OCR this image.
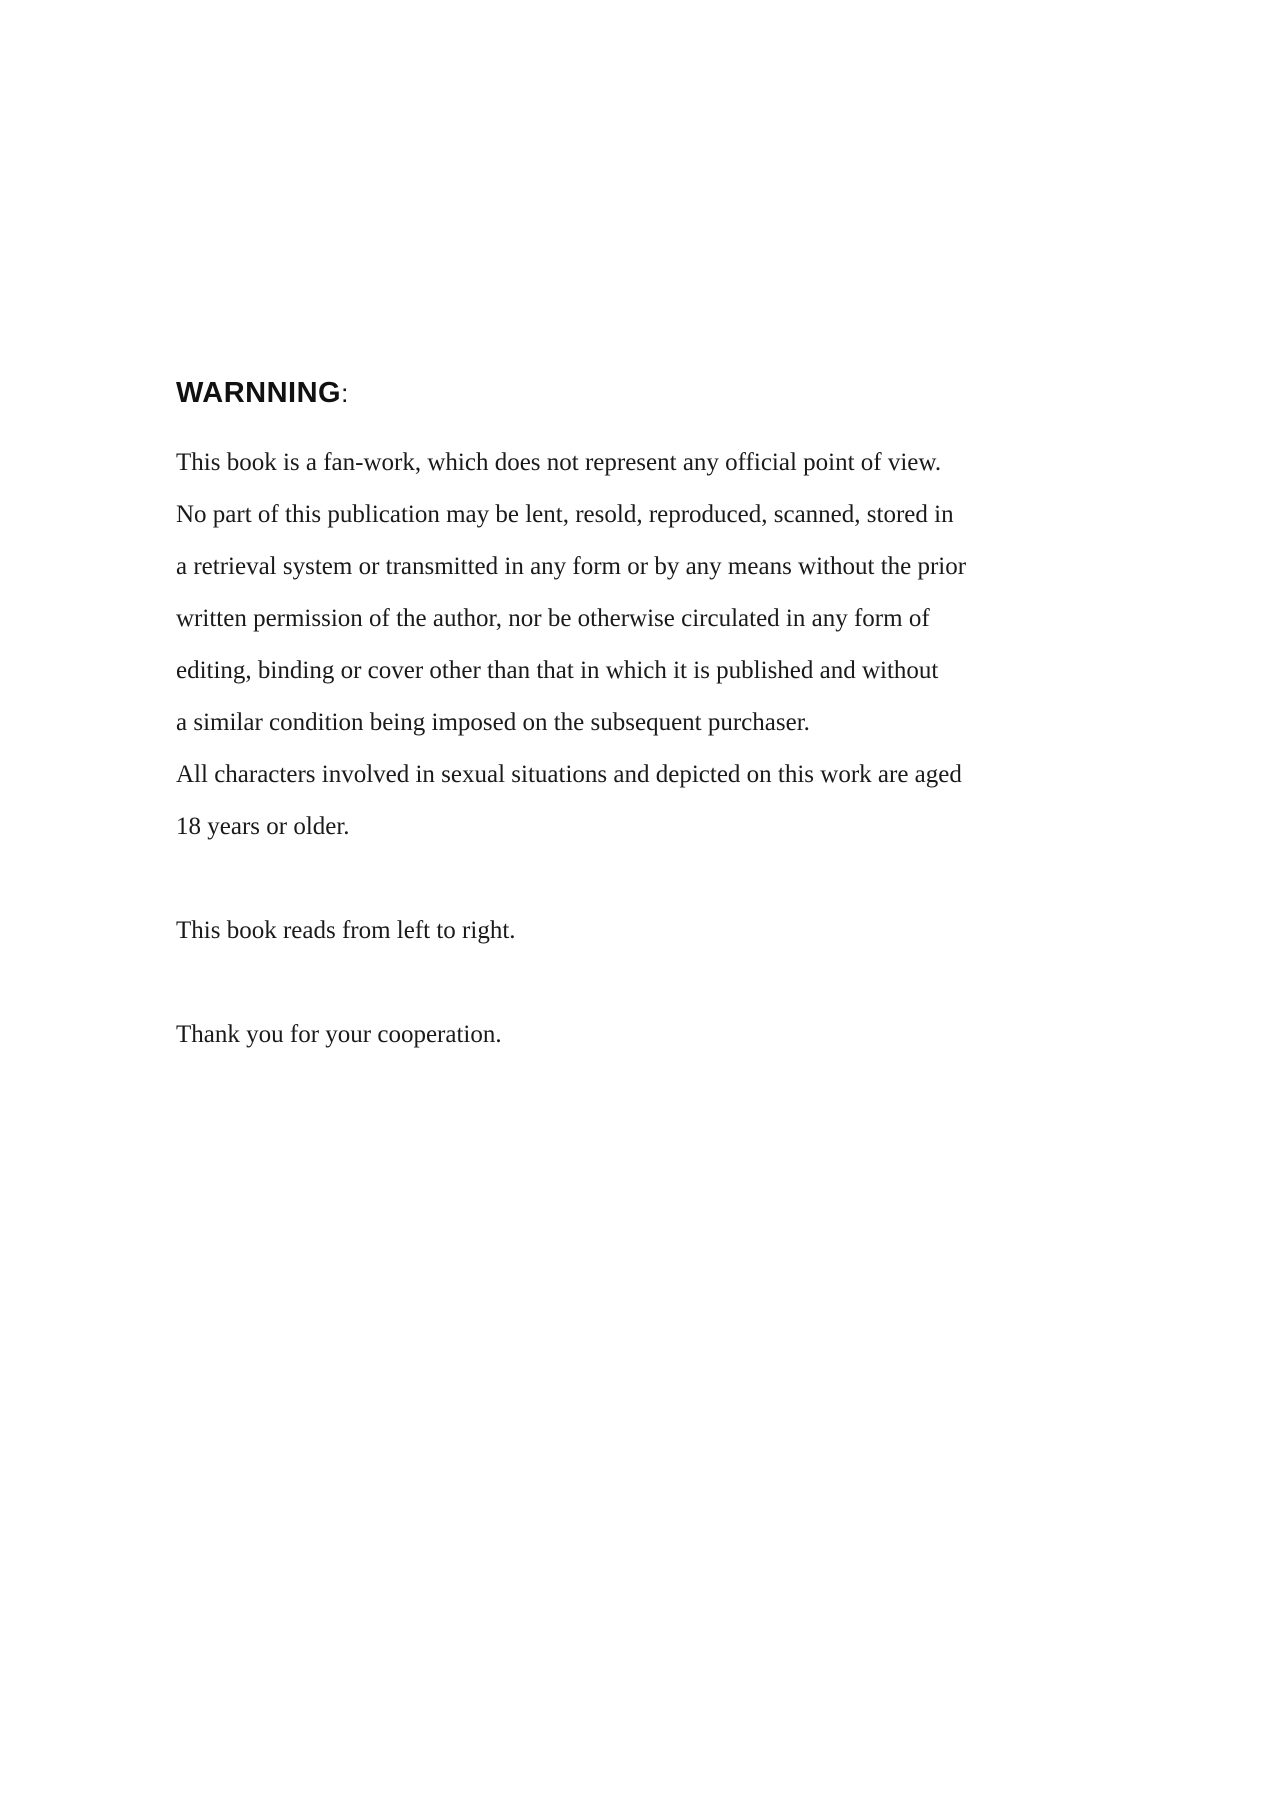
WARNNING:
This book is a fan-work, which does not represent any official point of view.
No part of this publication may be lent, resold, reproduced, scanned, stored in
a retrieval system or transmitted in any form or by any means without the prior
written permission of the author, nor be otherwise circulated in any form of
editing, binding or cover other than that in which it is published and without
a similar condition being imposed on the subsequent purchaser.
All characters involved in sexual situations and depicted on this work are aged
18 years or older.
This book reads from left to right.
Thank you for your cooperation.
